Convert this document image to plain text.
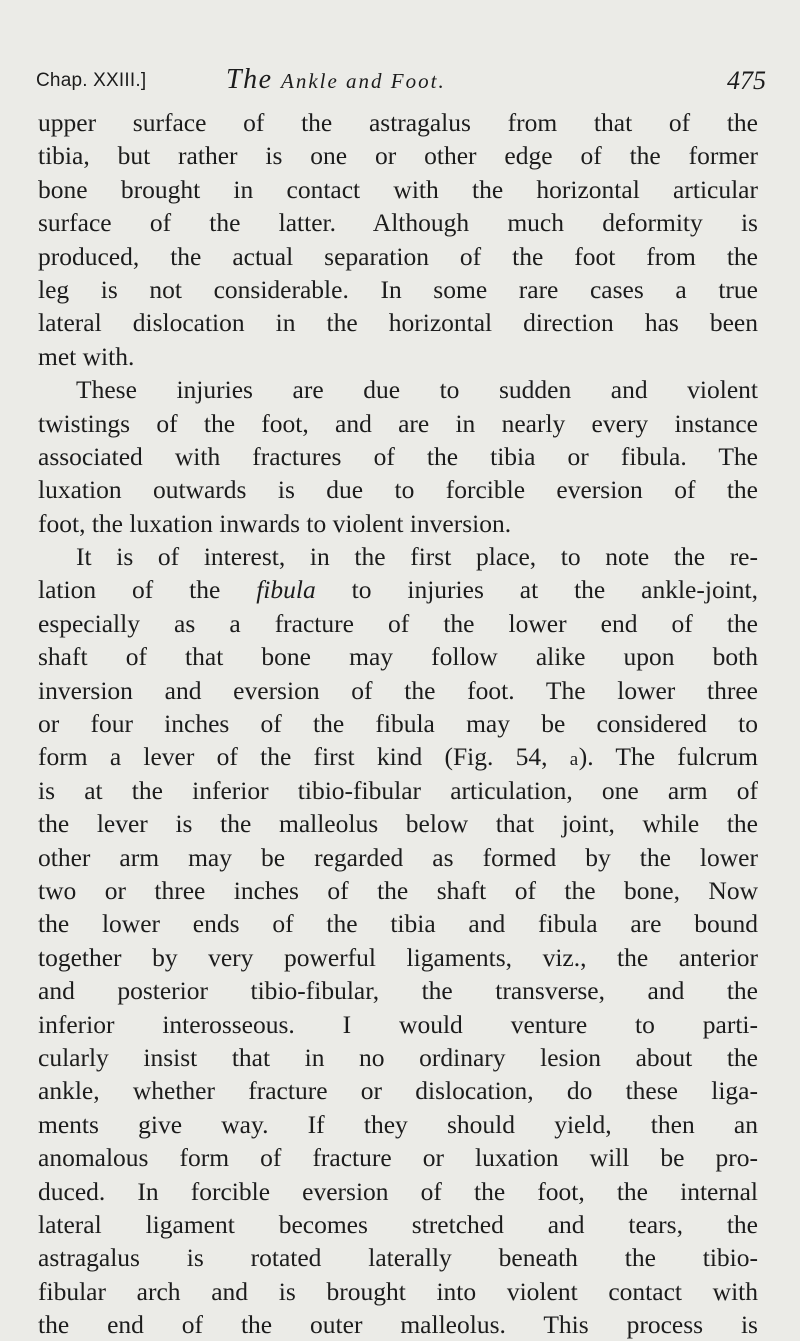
Chap. XXIII.]	The Ankle and Foot.	475
upper surface of the astragalus from that of the
tibia, but rather is one or other edge of the former
bone brought in contact with the horizontal articular
surface of the latter. Although much deformity is
produced, the actual separation of the foot from the
leg is not considerable. In some rare cases a true
lateral dislocation in the horizontal direction has been
met with.
These injuries are due to sudden and violent
twistings of the foot, and are in nearly every instance
associated with fractures of the tibia or fibula. The
luxation outwards is due to forcible eversion of the
foot, the luxation inwards to violent inversion.
It is of interest, in the first place, to note the re-
lation of the fibula to injuries at the ankle-joint,
especially as a fracture of the lower end of the
shaft of that bone may follow alike upon both
inversion and eversion of the foot. The lower three
or four inches of the fibula may be considered to
form a lever of the first kind (Fig. 54, a). The fulcrum
is at the inferior tibio-fibular articulation, one arm of
the lever is the malleolus below that joint, while the
other arm may be regarded as formed by the lower
two or three inches of the shaft of the bone, Now
the lower ends of the tibia and fibula are bound
together by very powerful ligaments, viz., the anterior
and posterior tibio-fibular, the transverse, and the
inferior interosseous. I would venture to parti-
cularly insist that in no ordinary lesion about the
ankle, whether fracture or dislocation, do these liga-
ments give way. If they should yield, then an
anomalous form of fracture or luxation will be pro-
duced. In forcible eversion of the foot, the internal
lateral ligament becomes stretched and tears, the
astragalus is rotated laterally beneath the tibio-
fibular arch and is brought into violent contact with
the end of the outer malleolus. This process is
